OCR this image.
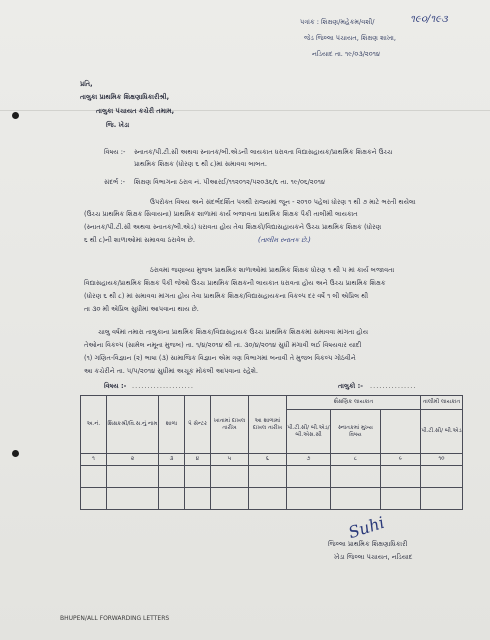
પત્રાંક : શિક્ષણ/મહેકમ/વશી/	૧૯૦/૧૯૩
જેડ જિલ્લા પંચાયત, શિક્ષણ શાખા,
નડિયાદ તા. ૧૯/૦૩/૨૦૧૪
પ્રતિ,
તાલુકા પ્રાથમિક શિક્ષણાધિકારીશ્રી,
તાલુકા પંચાયત કચેરી તમામ,
જિ. ખેડા
વિષય :- સ્નાતક/પી.ટી.સી અથવા સ્નાતક/બી.એડની લાયકાત ધરાવતા વિદ્યાસહાયક/પ્રાથમિક શિક્ષકને ઉચ્ચ
પ્રાથમિક શિક્ષક (ધોરણ ૬ થી ૮)માં સમાવવા બાબત.
સંદર્ભ :- શિક્ષણ વિભાગના ઠરાવ નં. પીઆરઈ/૧૧૨૦૧૨/૫૨૦૩૬/૬ તા. ૧૯/૦૬/૨૦૧૪
ઉપરોક્ત વિષય અને સંદર્ભદર્શિત પત્રથી રાજ્યમાં જૂન - ૨૦૧૦ પહેલાં ધોરણ ૧ થી ૭ માટે ભરતી થયેલા
(ઉચ્ચ પ્રાથમિક શિક્ષક સિવાયના) પ્રાથમિક શાળામાં કાર્ય બજાવતા પ્રાથમિક શિક્ષક પૈકી તાલીમી લાયકાત
(સ્નાતક/પી.ટી.સી અથવા સ્નાતક/બી.એડ) ધરાવતા હોય તેવા શિક્ષકો/વિદ્યાસહાયકને ઉચ્ચ પ્રાથમિક શિક્ષક (ધોરણ
૬ થી ૮)ની શાળાઓમાં સમાવવા ઠરાવેલ છે.	(તાલીમ સ્નાતક છે.)
ઠરાવમાં જણાવ્યા મુજબ પ્રાથમિક શાળાઓમાં પ્રાથમિક શિક્ષક ધોરણ ૧ થી ૫ માં કાર્ય બજાવતા
વિદ્યાસહાયક/પ્રાથમિક શિક્ષક પૈકી જેઓ ઉચ્ચ પ્રાથમિક શિક્ષકની લાયકાત ધરાવતા હોય અને ઉચ્ચ પ્રાથમિક શિક્ષક
(ધોરણ ૬ થી ૮) માં સમાવવા માંગતા હોય તેવા પ્રાથમિક શિક્ષક/વિદ્યાસહાયકના વિકલ્પ દર વર્ષે ૧ લી એપ્રિલ થી
તા ૩૦ મી એપ્રિલ સુધીમાં આપવાના થાય છે.
ચાલુ વર્ષમાં તમારા તાલુકાના પ્રાથમિક શિક્ષક/વિદ્યાસહાયક ઉચ્ચ પ્રાથમિક શિક્ષકમાં સમાવવા માંગતા હોય
તેઓના વિકલ્પ (સામેલ નમૂના મુજબ) તા. ૧/૪/૨૦૧૪ થી તા. ૩૦/૪/૨૦૧૪ સુધી મંગાવી લઈ વિષયવાર યાદી
(૧) ગણિત-વિજ્ઞાન (૨) ભાષા (૩) સામાજિક વિજ્ઞાન એમ ત્રણ વિભાગમાં બનાવી તે મુજબ વિકલ્પ ગોઠવીને
આ કચેરીને તા. ૫/૫/૨૦૧૪ સુધીમાં અચૂક મોકલી આપવાના રહેશે.
વિષય :- ....................	તાલુકો :- ...............
અ.નં.	શિક્ષકશ્રી/વિ.સ.નું નામ	શાળા	પે સેન્ટર	ખાતામાં દાખલ તારીખ	આ શાળામાં દાખલ તારીખ	શૈક્ષણિક લાયકાત			તાલીમી લાયકાત
						પી.ટી.સી/ બી.એડ/ બી.એસ.સી	સ્નાતકમાં મુખ્ય વિષય		પી.ટી.સી/ બી.એડ
૧	૨	૩	૪	૫	૬	૭	૮	૯	૧૦

Suhi
જિલ્લા પ્રાથમિક શિક્ષણાધિકારી
ખેડા જિલ્લા પંચાયત, નડિયાદ
BHUPEN/ALL FORWARDING LETTERS
